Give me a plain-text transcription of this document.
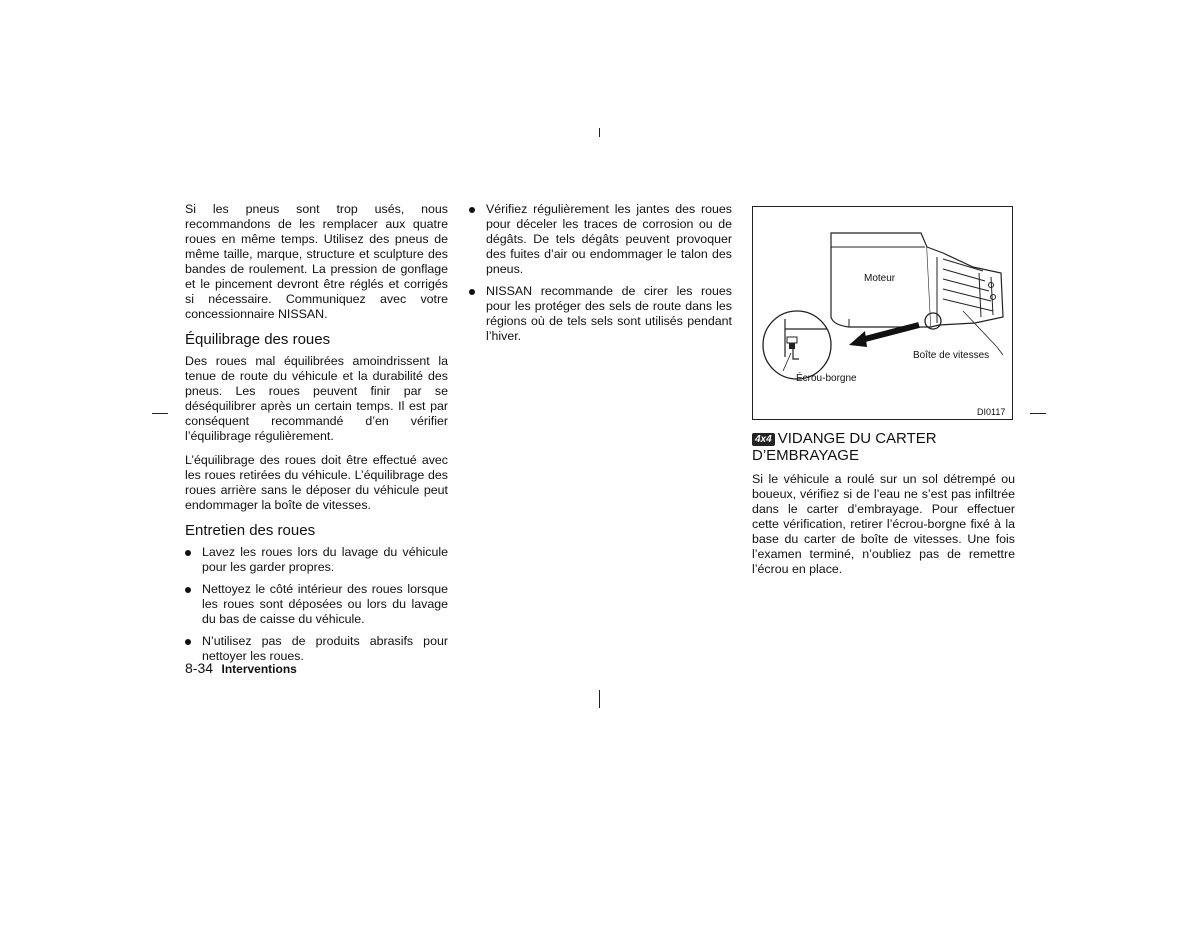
Si les pneus sont trop usés, nous recommandons de les remplacer aux quatre roues en même temps. Utilisez des pneus de même taille, marque, structure et sculpture des bandes de roulement. La pression de gonflage et le pincement devront être réglés et corrigés si nécessaire. Communiquez avec votre concessionnaire NISSAN.

Équilibrage des roues

Des roues mal équilibrées amoindrissent la tenue de route du véhicule et la durabilité des pneus. Les roues peuvent finir par se déséquilibrer après un certain temps. Il est par conséquent recommandé d’en vérifier l’équilibrage régulièrement.

L’équilibrage des roues doit être effectué avec les roues retirées du véhicule. L’équilibrage des roues arrière sans le déposer du véhicule peut endommager la boîte de vitesses.

Entretien des roues

Lavez les roues lors du lavage du véhicule pour les garder propres.

Nettoyez le côté intérieur des roues lorsque les roues sont déposées ou lors du lavage du bas de caisse du véhicule.

N’utilisez pas de produits abrasifs pour nettoyer les roues.

Vérifiez régulièrement les jantes des roues pour déceler les traces de corrosion ou de dégâts. De tels dégâts peuvent provoquer des fuites d’air ou endommager le talon des pneus.

NISSAN recommande de cirer les roues pour les protéger des sels de route dans les régions où de tels sels sont utilisés pendant l’hiver.

Moteur
Boîte de vitesses
Écrou-borgne
DI0117

4x4 VIDANGE DU CARTER
D’EMBRAYAGE

Si le véhicule a roulé sur un sol détrempé ou boueux, vérifiez si de l’eau ne s’est pas infiltrée dans le carter d’embrayage. Pour effectuer cette vérification, retirer l’écrou-borgne fixé à la base du carter de boîte de vitesses. Une fois l’examen terminé, n’oubliez pas de remettre l’écrou en place.

8-34 Interventions
